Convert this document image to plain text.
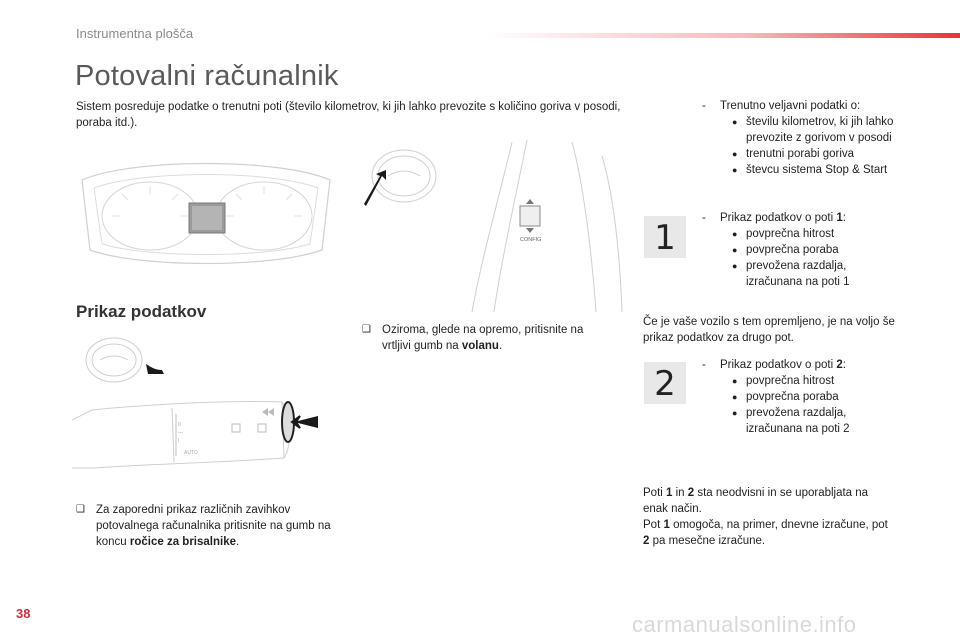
Instrumentna plošča
Potovalni računalnik
Sistem posreduje podatke o trenutni poti (število kilometrov, ki jih lahko prevozite s količino goriva v posodi, poraba itd.).
CONFIG
Prikaz podatkov
0
—
I
AUTO
❑ Oziroma, glede na opremo, pritisnite na vrtljivi gumb na volanu.
❑ Za zaporedni prikaz različnih zavihkov potovalnega računalnika pritisnite na gumb na koncu ročice za brisalnike.
-	Trenutno veljavni podatki o:
● številu kilometrov, ki jih lahko prevozite z gorivom v posodi
● trenutni porabi goriva
● števcu sistema Stop & Start
1	-	Prikaz podatkov o poti 1:
● povprečna hitrost
● povprečna poraba
● prevožena razdalja, izračunana na poti 1
Če je vaše vozilo s tem opremljeno, je na voljo še prikaz podatkov za drugo pot.
2	-	Prikaz podatkov o poti 2:
● povprečna hitrost
● povprečna poraba
● prevožena razdalja, izračunana na poti 2
Poti 1 in 2 sta neodvisni in se uporabljata na enak način.
Pot 1 omogoča, na primer, dnevne izračune, pot 2 pa mesečne izračune.
38	carmanualsonline.info
